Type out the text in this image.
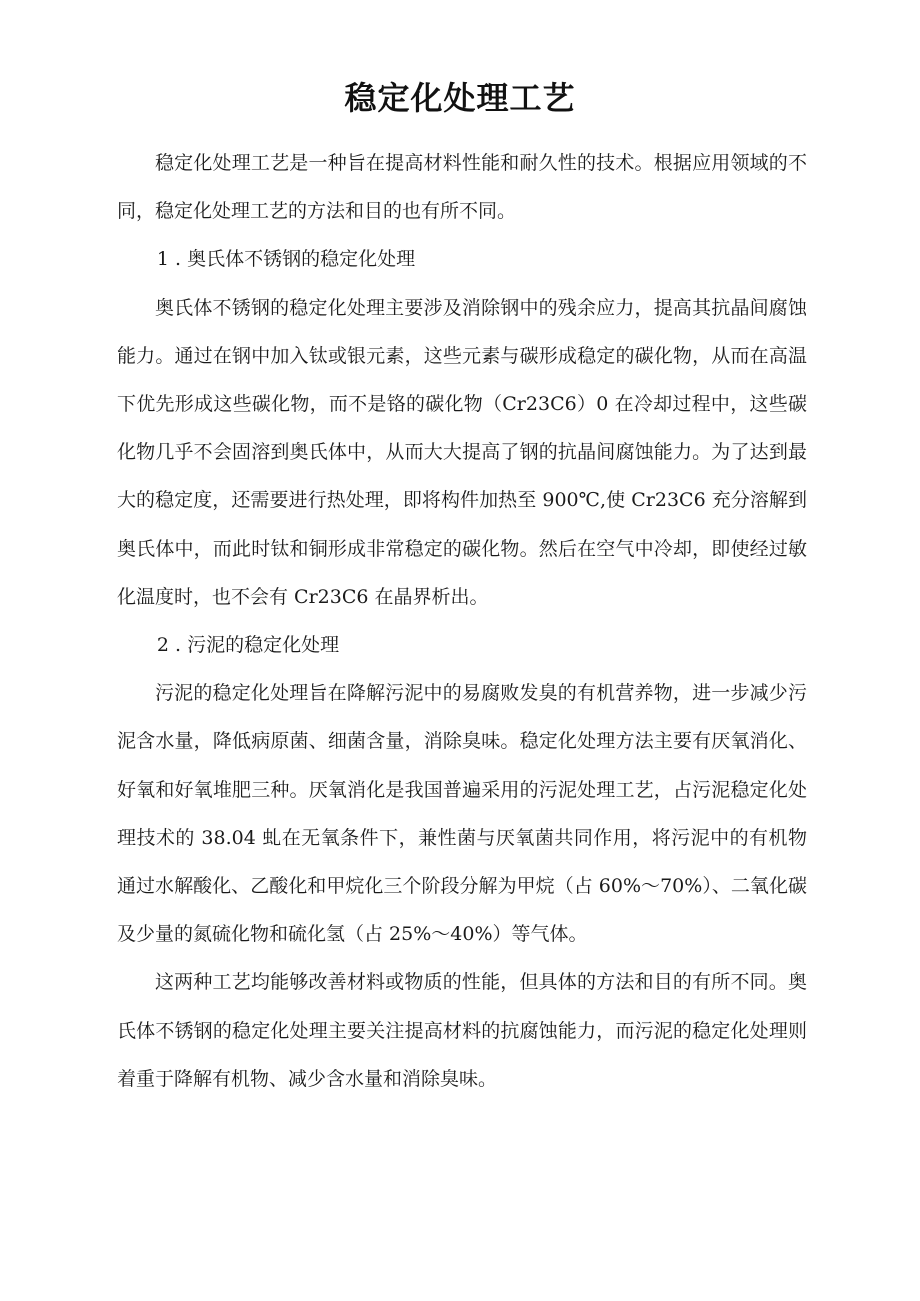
稳定化处理工艺

稳定化处理工艺是一种旨在提高材料性能和耐久性的技术。根据应用领域的不同，稳定化处理工艺的方法和目的也有所不同。

1 . 奥氏体不锈钢的稳定化处理

奥氏体不锈钢的稳定化处理主要涉及消除钢中的残余应力，提高其抗晶间腐蚀能力。通过在钢中加入钛或银元素，这些元素与碳形成稳定的碳化物，从而在高温下优先形成这些碳化物，而不是铬的碳化物（Cr23C6）0 在冷却过程中，这些碳化物几乎不会固溶到奥氏体中，从而大大提高了钢的抗晶间腐蚀能力。为了达到最大的稳定度，还需要进行热处理，即将构件加热至 900℃,使 Cr23C6 充分溶解到奥氏体中，而此时钛和铜形成非常稳定的碳化物。然后在空气中冷却，即使经过敏化温度时，也不会有 Cr23C6 在晶界析出。

2 . 污泥的稳定化处理

污泥的稳定化处理旨在降解污泥中的易腐败发臭的有机营养物，进一步减少污泥含水量，降低病原菌、细菌含量，消除臭味。稳定化处理方法主要有厌氧消化、好氧和好氧堆肥三种。厌氧消化是我国普遍采用的污泥处理工艺，占污泥稳定化处理技术的 38.04 虬在无氧条件下，兼性菌与厌氧菌共同作用，将污泥中的有机物通过水解酸化、乙酸化和甲烷化三个阶段分解为甲烷（占 60%～70%）、二氧化碳及少量的氮硫化物和硫化氢（占 25%～40%）等气体。

这两种工艺均能够改善材料或物质的性能，但具体的方法和目的有所不同。奥氏体不锈钢的稳定化处理主要关注提高材料的抗腐蚀能力，而污泥的稳定化处理则着重于降解有机物、减少含水量和消除臭味。
